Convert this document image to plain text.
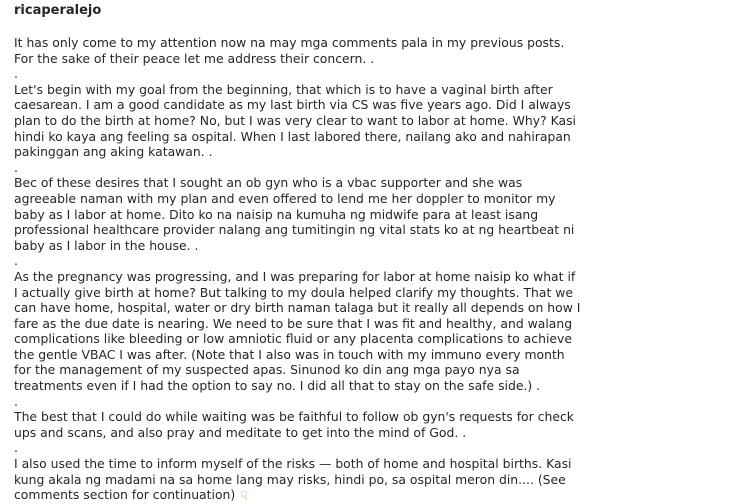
ricaperalejo

It has only come to my attention now na may mga comments pala in my previous posts.
For the sake of their peace let me address their concern. .

.

Let's begin with my goal from the beginning, that which is to have a vaginal birth after
caesarean. I am a good candidate as my last birth via CS was five years ago. Did I always
plan to do the birth at home? No, but I was very clear to want to labor at home. Why? Kasi
hindi ko kaya ang feeling sa ospital. When I last labored there, nailang ako and nahirapan
pakinggan ang aking katawan. .

.

Bec of these desires that I sought an ob gyn who is a vbac supporter and she was
agreeable naman with my plan and even offered to lend me her doppler to monitor my
baby as I labor at home. Dito ko na naisip na kumuha ng midwife para at least isang
professional healthcare provider nalang ang tumitingin ng vital stats ko at ng heartbeat ni
baby as I labor in the house. .

.

As the pregnancy was progressing, and I was preparing for labor at home naisip ko what if
I actually give birth at home? But talking to my doula helped clarify my thoughts. That we
can have home, hospital, water or dry birth naman talaga but it really all depends on how I
fare as the due date is nearing. We need to be sure that I was fit and healthy, and walang
complications like bleeding or low amniotic fluid or any placenta complications to achieve
the gentle VBAC I was after. (Note that I also was in touch with my immuno every month
for the management of my suspected apas. Sinunod ko din ang mga payo nya sa
treatments even if I had the option to say no. I did all that to stay on the safe side.) .

.

The best that I could do while waiting was be faithful to follow ob gyn's requests for check
ups and scans, and also pray and meditate to get into the mind of God. .

.

I also used the time to inform myself of the risks — both of home and hospital births. Kasi
kung akala ng madami na sa home lang may risks, hindi po, sa ospital meron din.... (See
comments section for continuation) ☞
